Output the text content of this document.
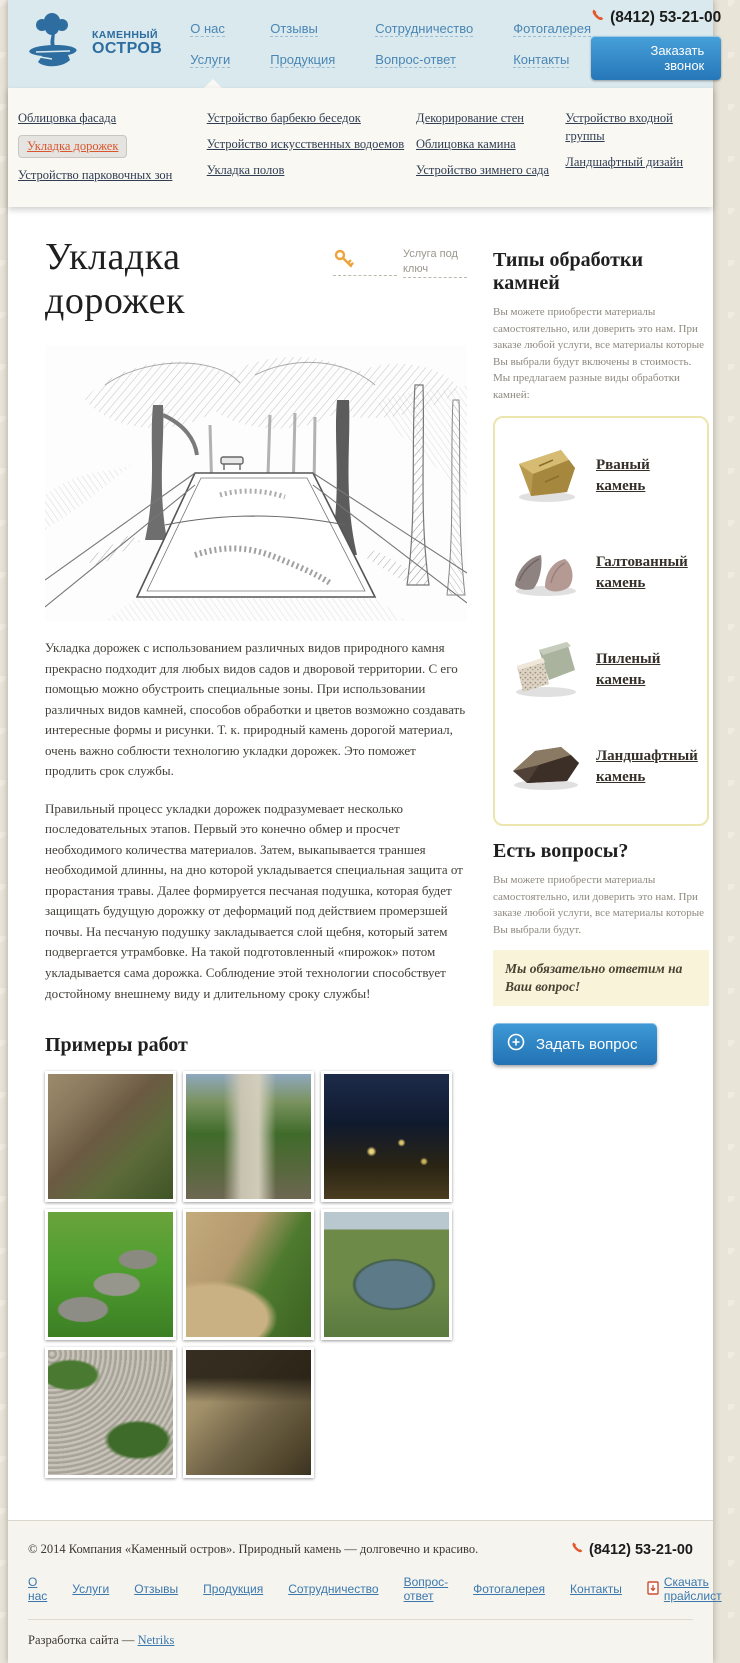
КАМЕННЫЙ
ОСТРОВ
О нас
Услуги
Отзывы
Продукция
Сотрудничество
Вопрос-ответ
Фотогалерея
Контакты
(8412) 53-21-00

Заказать звонок
Облицовка фасада
Укладка дорожек
Устройство парковочных зон
Устройство барбекю беседок
Устройство искусственных водоемов
Укладка полов
Декорирование стен
Облицовка камина
Устройство зимнего сада
Устройство входной группы
Ландшафтный дизайн
Укладка дорожек
Услуга под ключ

Укладка дорожек с использованием различных видов природного камня прекрасно подходит для любых видов садов и дворовой территории. С его помощью можно обустроить специальные зоны. При использовании различных видов камней, способов обработки и цветов возможно создавать интересные формы и рисунки. Т. к. природный камень дорогой материал, очень важно соблюсти технологию укладки дорожек. Это поможет продлить срок службы.

Правильный процесс укладки дорожек подразумевает несколько последовательных этапов. Первый это конечно обмер и просчет необходимого количества материалов. Затем, выкапывается траншея необходимой длинны, на дно которой укладывается специальная защита от прорастания травы. Далее формируется песчаная подушка, которая будет защищать будущую дорожку от деформаций под действием промерзшей почвы. На песчаную подушку закладывается слой щебня, который затем подвергается утрамбовке. На такой подготовленный «пирожок» потом укладывается сама дорожка. Соблюдение этой технологии способствует достойному внешнему виду и длительному сроку службы!

Примеры работ
Типы обработки камней

Вы можете приобрести материалы самостоятельно, или доверить это нам. При заказе любой услуги, все материалы которые Вы выбрали будут включены в стоимость. Мы предлагаем разные виды обработки камней:

Рваный камень
Галтованный камень
Пиленый камень
Ландшафтный камень
Есть вопросы?

Вы можете приобрести материалы самостоятельно, или доверить это нам. При заказе любой услуги, все материалы которые Вы выбрали будут.

Мы обязательно ответим на Ваш вопрос!
Задать вопрос
© 2014 Компания «Каменный остров». Природный камень — долговечно и красиво.	(8412) 53-21-00
О нас Услуги Отзывы Продукция Сотрудничество Вопрос-ответ	Фотогалерея Контакты	Скачать прайслист
Разработка сайта — Netriks
